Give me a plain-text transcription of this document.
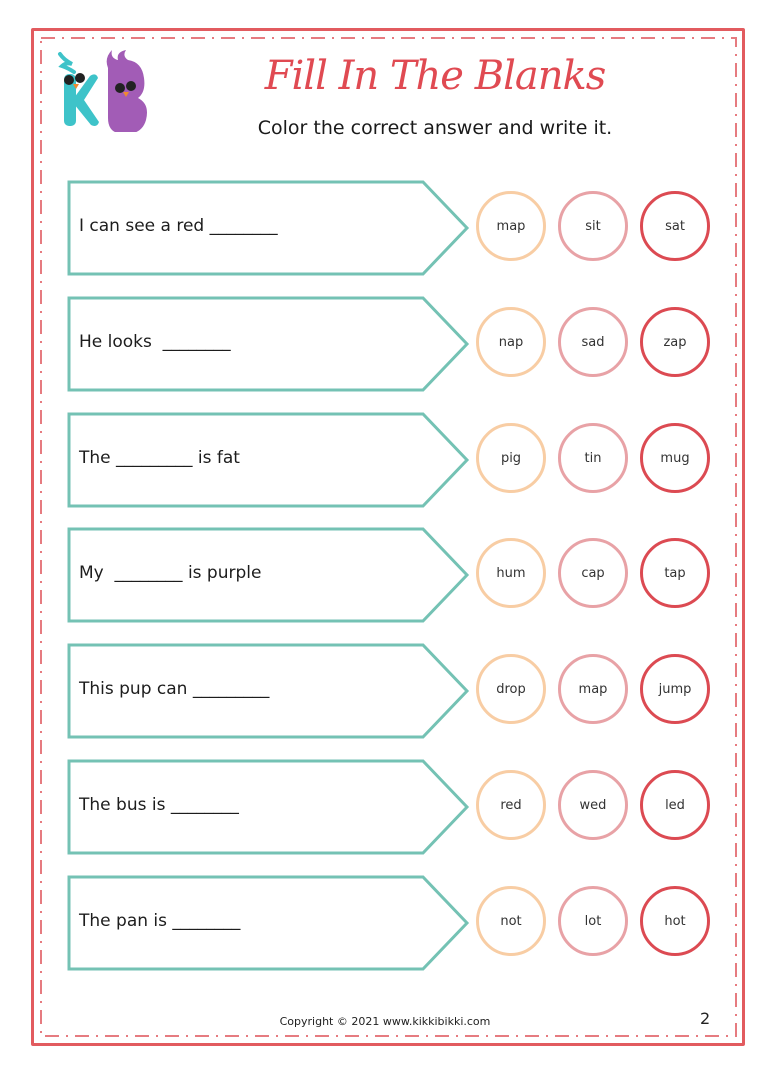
Fill In The Blanks
Color the correct answer and write it.
I can see a red ________	map	sit	sat
He looks  ________	nap	sad	zap
The _________ is fat	pig	tin	mug
My  ________ is purple	hum	cap	tap
This pup can _________	drop	map	jump
The bus is ________	red	wed	led
The pan is ________	not	lot	hot
Copyright © 2021 www.kikkibikki.com	2
